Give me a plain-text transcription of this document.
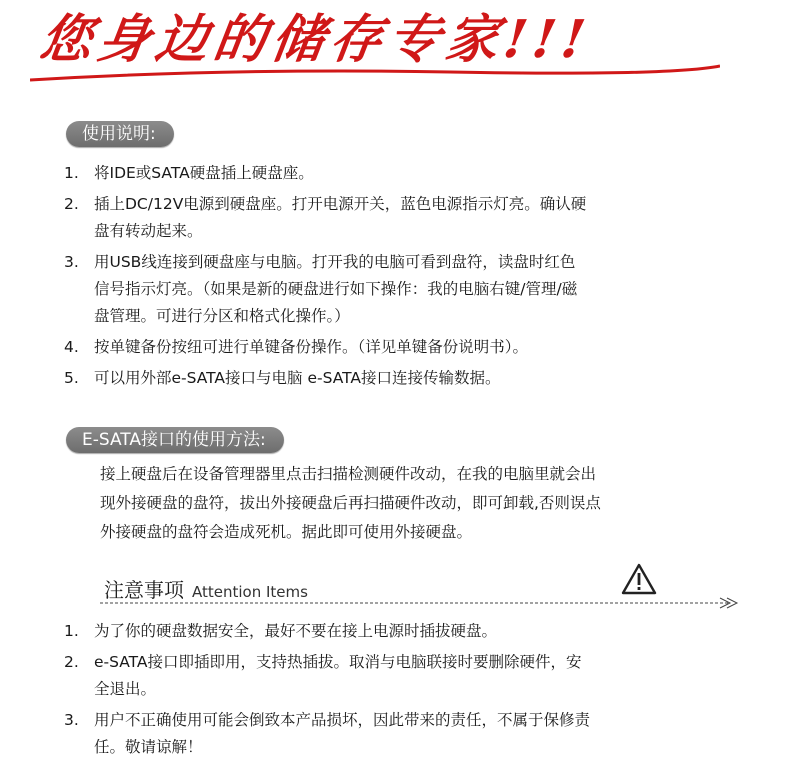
您身边的储存专家!!!
使用说明:
1. 将IDE或SATA硬盘插上硬盘座。
2. 插上DC/12V电源到硬盘座。打开电源开关，蓝色电源指示灯亮。确认硬
盘有转动起来。
3. 用USB线连接到硬盘座与电脑。打开我的电脑可看到盘符，读盘时红色
信号指示灯亮。（如果是新的硬盘进行如下操作：我的电脑右键/管理/磁
盘管理。可进行分区和格式化操作。）
4. 按单键备份按纽可进行单键备份操作。（详见单键备份说明书）。
5. 可以用外部e-SATA接口与电脑 e-SATA接口连接传输数据。
E-SATA接口的使用方法:
接上硬盘后在设备管理器里点击扫描检测硬件改动，在我的电脑里就会出
现外接硬盘的盘符，拔出外接硬盘后再扫描硬件改动，即可卸载,否则误点
外接硬盘的盘符会造成死机。据此即可使用外接硬盘。
注意事项 Attention Items
1. 为了你的硬盘数据安全，最好不要在接上电源时插拔硬盘。
2. e-SATA接口即插即用，支持热插拔。取消与电脑联接时要删除硬件，安
全退出。
3. 用户不正确使用可能会倒致本产品损坏，因此带来的责任，不属于保修责
任。敬请谅解！
